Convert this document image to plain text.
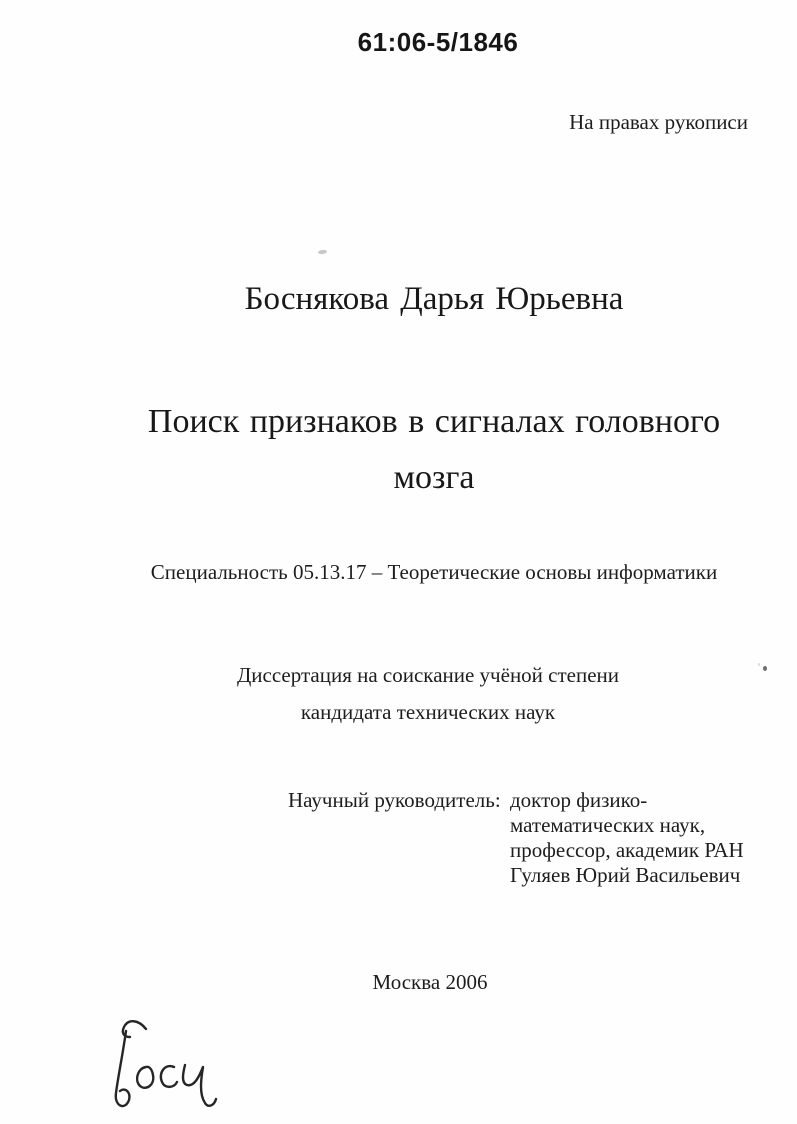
61:06-5/1846
На правах рукописи
Боснякова Дарья Юрьевна
Поиск признаков в сигналах головного
мозга
Специальность 05.13.17 – Теоретические основы информатики
Диссертация на соискание учёной степени
кандидата технических наук
Научный руководитель: доктор физико-
математических наук,
профессор, академик РАН
Гуляев Юрий Васильевич
Москва 2006
